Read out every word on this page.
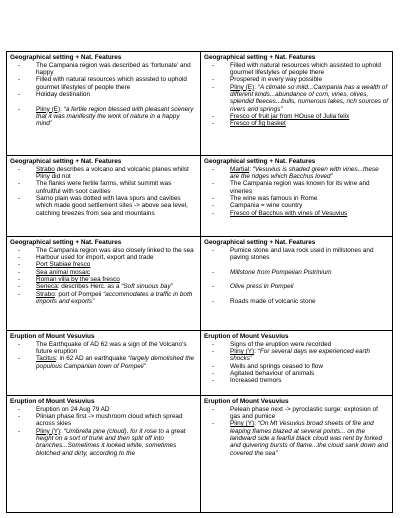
Geographical setting + Nat. Features
- The Campania region was described as ‘fortunate’ and happy
- Filled with natural resources which assisted to uphold gourmet lifestyles of people there
- Holiday destination

- Pliny (E): “a fertile region blessed with pleasant scenery that it was manifestly the work of nature in a happy mind”
Geographical setting + Nat. Features
- Filled with natural resources which assisted to uphold gourmet lifestyles of people there
- Prospered in every way possible
- Pliny (E): “A climate so mild...Campania has a wealth of different kinds...abundance of corn, vines, olives, splendid fleeces...bulls, numerous lakes, rich sources of rivers and springs”
- Fresco of fruit jar from HOuse of Julia felix
- Fresco of fig basket
Geographical setting + Nat. Features
- Strabo describes a volcano and volcanic planes whilst Pliny did not
- The flanks were fertile farms, whilst summit was unfruitful with soot cavities
- Sarno plain was dotted with lava spurs and cavities which made good settlement sites -> above sea level, catching breezes from sea and mountains
Geographical setting + Nat. Features
- Martial: “Vesuvius is shaded green with vines...these are the ridges which Bacchus loved”
- The Campania region was known for its wine and vineries
- The wine was famous in Rome
- Campania = wine country
- Fresco of Bacchus with vines of Vesuvius
Geographical setting + Nat. Features
- The Campania region was also closely linked to the sea
- Harbour used for import, export and trade
- Port Stabiae fresco
- Sea animal mosaic
- Roman villa by the sea fresco
- Seneca: describes Herc. as a “Soft sinuous bay”
- Strabo: port of Pompeii “accommodates a traffic in both imports and exports”
Geographical setting + Nat. Features
- Pumice stone and lava rock used in millstones and paving stones

- Millstone from Pompeiian Pistrinium

- Olive press in Pompeii

- Roads made of volcanic stone
Eruption of Mount Vesuvius
- The Earthquake of AD 62 was a sign of the Volcano’s future eruption
- Tacitus: in 62 AD an earthquake “largely demolished the populous Campanian town of Pompeii”
Eruption of Mount Vesuvius
- Signs of the eruption were recorded
- Pliny (Y): “For several days we experienced earth shocks”
- Wells and springs ceased to flow
- Agitated behaviour of animals
- Increased tremors
Eruption of Mount Vesuvius
- Eruption on 24 Aug 79 AD
- Plinian phase first -> mushroom cloud which spread across skies
- Pliny (Y): “Umbrella pine (cloud), for it rose to a great height on a sort of trunk and then split off into branches...Sometimes it looked white, sometimes blotched and dirty, according to the
Eruption of Mount Vesuvius
- Pelean phase next -> pyroclastic surge: explosion of gas and pumice
- Pliny (Y): “On Mt Vesuvius broad sheets of fire and leaping flames blazed at several points... on the landward side a fearful black cloud was rent by forked and quivering bursts of flame...the cloud sank down and covered the sea”
